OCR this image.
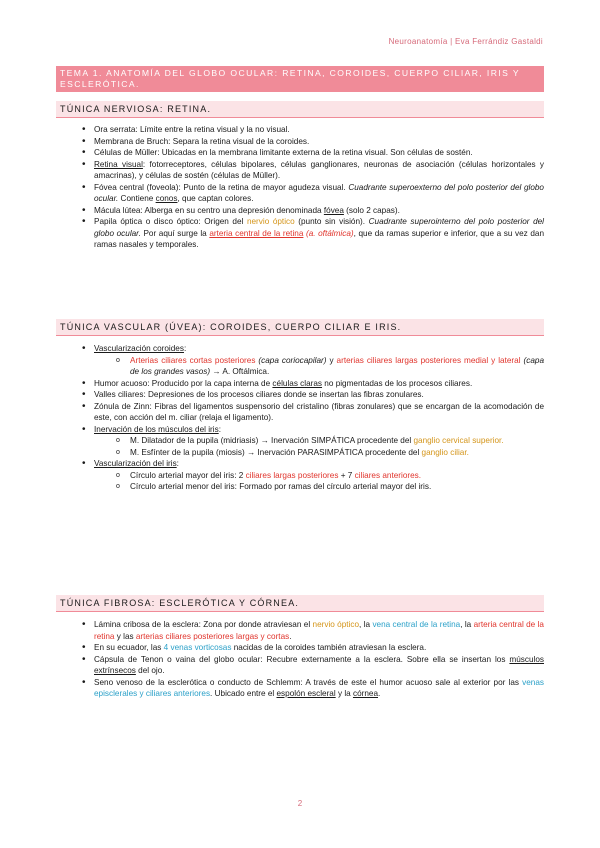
Neuroanatomía | Eva Ferrándiz Gastaldi
TEMA 1. ANATOMÍA DEL GLOBO OCULAR: RETINA, COROIDES, CUERPO CILIAR, IRIS Y ESCLERÓTICA.
TÚNICA NERVIOSA: RETINA.
• Ora serrata: Límite entre la retina visual y la no visual.
• Membrana de Bruch: Separa la retina visual de la coroides.
• Células de Müller: Ubicadas en la membrana limitante externa de la retina visual. Son células de sostén.
• Retina visual: fotorreceptores, células bipolares, células ganglionares, neuronas de asociación (células horizontales y amacrinas), y células de sostén (células de Müller).
• Fóvea central (foveola): Punto de la retina de mayor agudeza visual. Cuadrante superoexterno del polo posterior del globo ocular. Contiene conos, que captan colores.
• Mácula lútea: Alberga en su centro una depresión denominada fóvea (solo 2 capas).
• Papila óptica o disco óptico: Origen del nervio óptico (punto sin visión). Cuadrante superointerno del polo posterior del globo ocular. Por aquí surge la arteria central de la retina (a. oftálmica), que da ramas superior e inferior, que a su vez dan ramas nasales y temporales.
TÚNICA VASCULAR (ÚVEA): COROIDES, CUERPO CILIAR E IRIS.
• Vascularización coroides:
o Arterias ciliares cortas posteriores (capa coriocapilar) y arterias ciliares largas posteriores medial y lateral (capa de los grandes vasos) → A. Oftálmica.
• Humor acuoso: Producido por la capa interna de células claras no pigmentadas de los procesos ciliares.
• Valles ciliares: Depresiones de los procesos ciliares donde se insertan las fibras zonulares.
• Zónula de Zinn: Fibras del ligamentos suspensorio del cristalino (fibras zonulares) que se encargan de la acomodación de este, con acción del m. ciliar (relaja el ligamento).
• Inervación de los músculos del iris:
o M. Dilatador de la pupila (midriasis) → Inervación SIMPÁTICA procedente del ganglio cervical superior.
o M. Esfínter de la pupila (miosis) → Inervación PARASIMPÁTICA procedente del ganglio ciliar.
• Vascularización del iris:
o Círculo arterial mayor del iris: 2 ciliares largas posteriores + 7 ciliares anteriores.
o Círculo arterial menor del iris: Formado por ramas del círculo arterial mayor del iris.
TÚNICA FIBROSA: ESCLERÓTICA Y CÓRNEA.
• Lámina cribosa de la esclera: Zona por donde atraviesan el nervio óptico, la vena central de la retina, la arteria central de la retina y las arterias ciliares posteriores largas y cortas.
• En su ecuador, las 4 venas vorticosas nacidas de la coroides también atraviesan la esclera.
• Cápsula de Tenon o vaina del globo ocular: Recubre externamente a la esclera. Sobre ella se insertan los músculos extrínsecos del ojo.
• Seno venoso de la esclerótica o conducto de Schlemm: A través de este el humor acuoso sale al exterior por las venas episclerales y ciliares anteriores. Ubicado entre el espolón escleral y la córnea.
2
